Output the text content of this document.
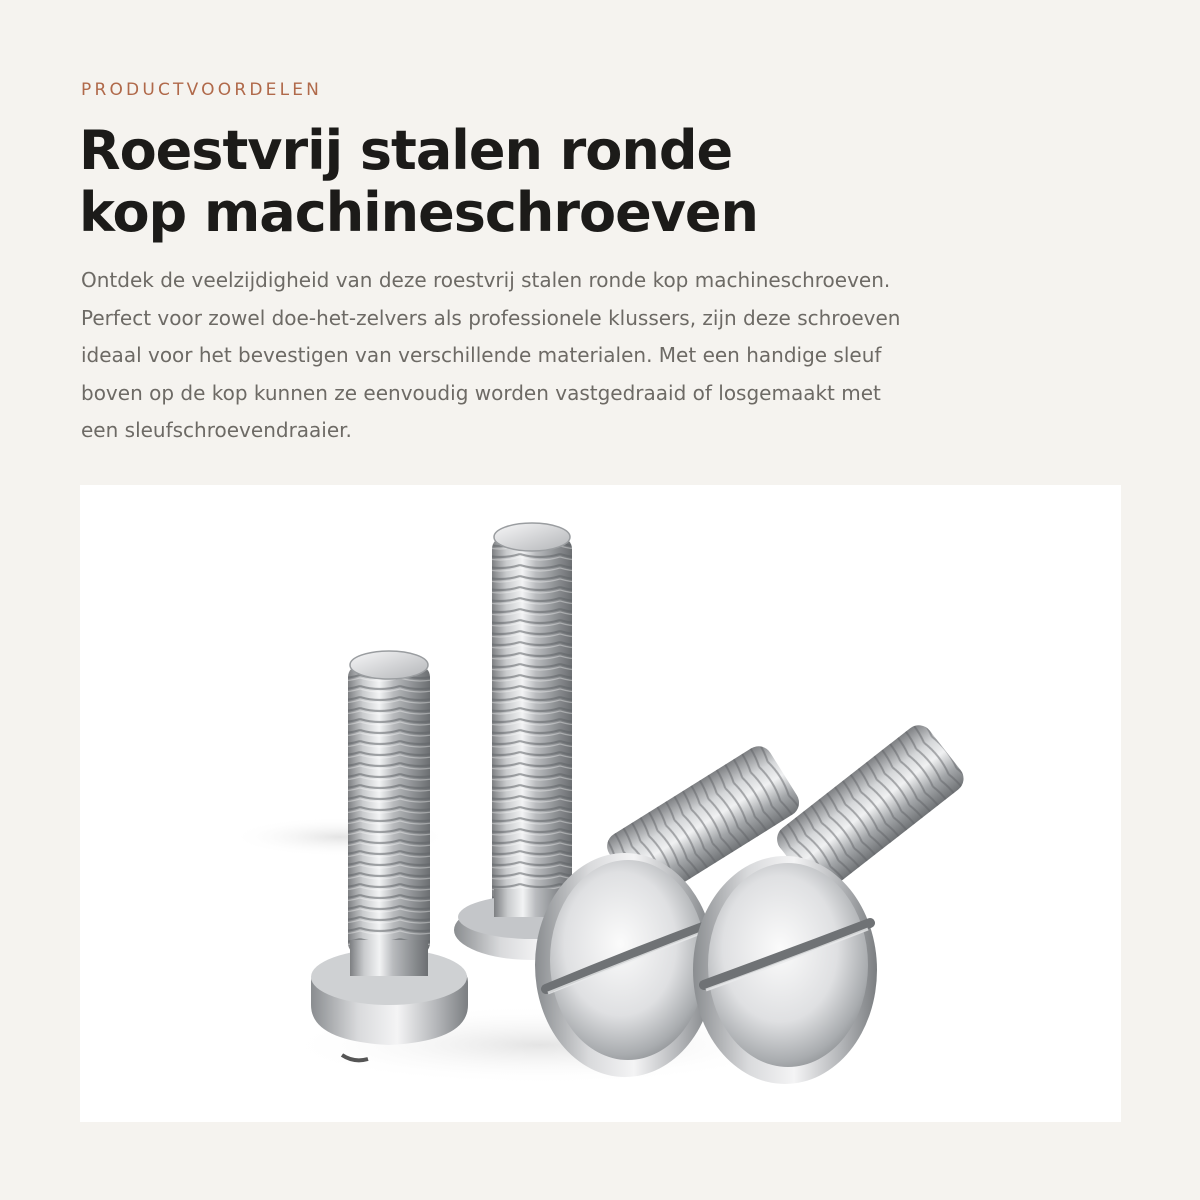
PRODUCTVOORDELEN
Roestvrij stalen ronde
kop machineschroeven

Ontdek de veelzijdigheid van deze roestvrij stalen ronde kop machineschroeven.
Perfect voor zowel doe-het-zelvers als professionele klussers, zijn deze schroeven
ideaal voor het bevestigen van verschillende materialen. Met een handige sleuf
boven op de kop kunnen ze eenvoudig worden vastgedraaid of losgemaakt met
een sleufschroevendraaier.
